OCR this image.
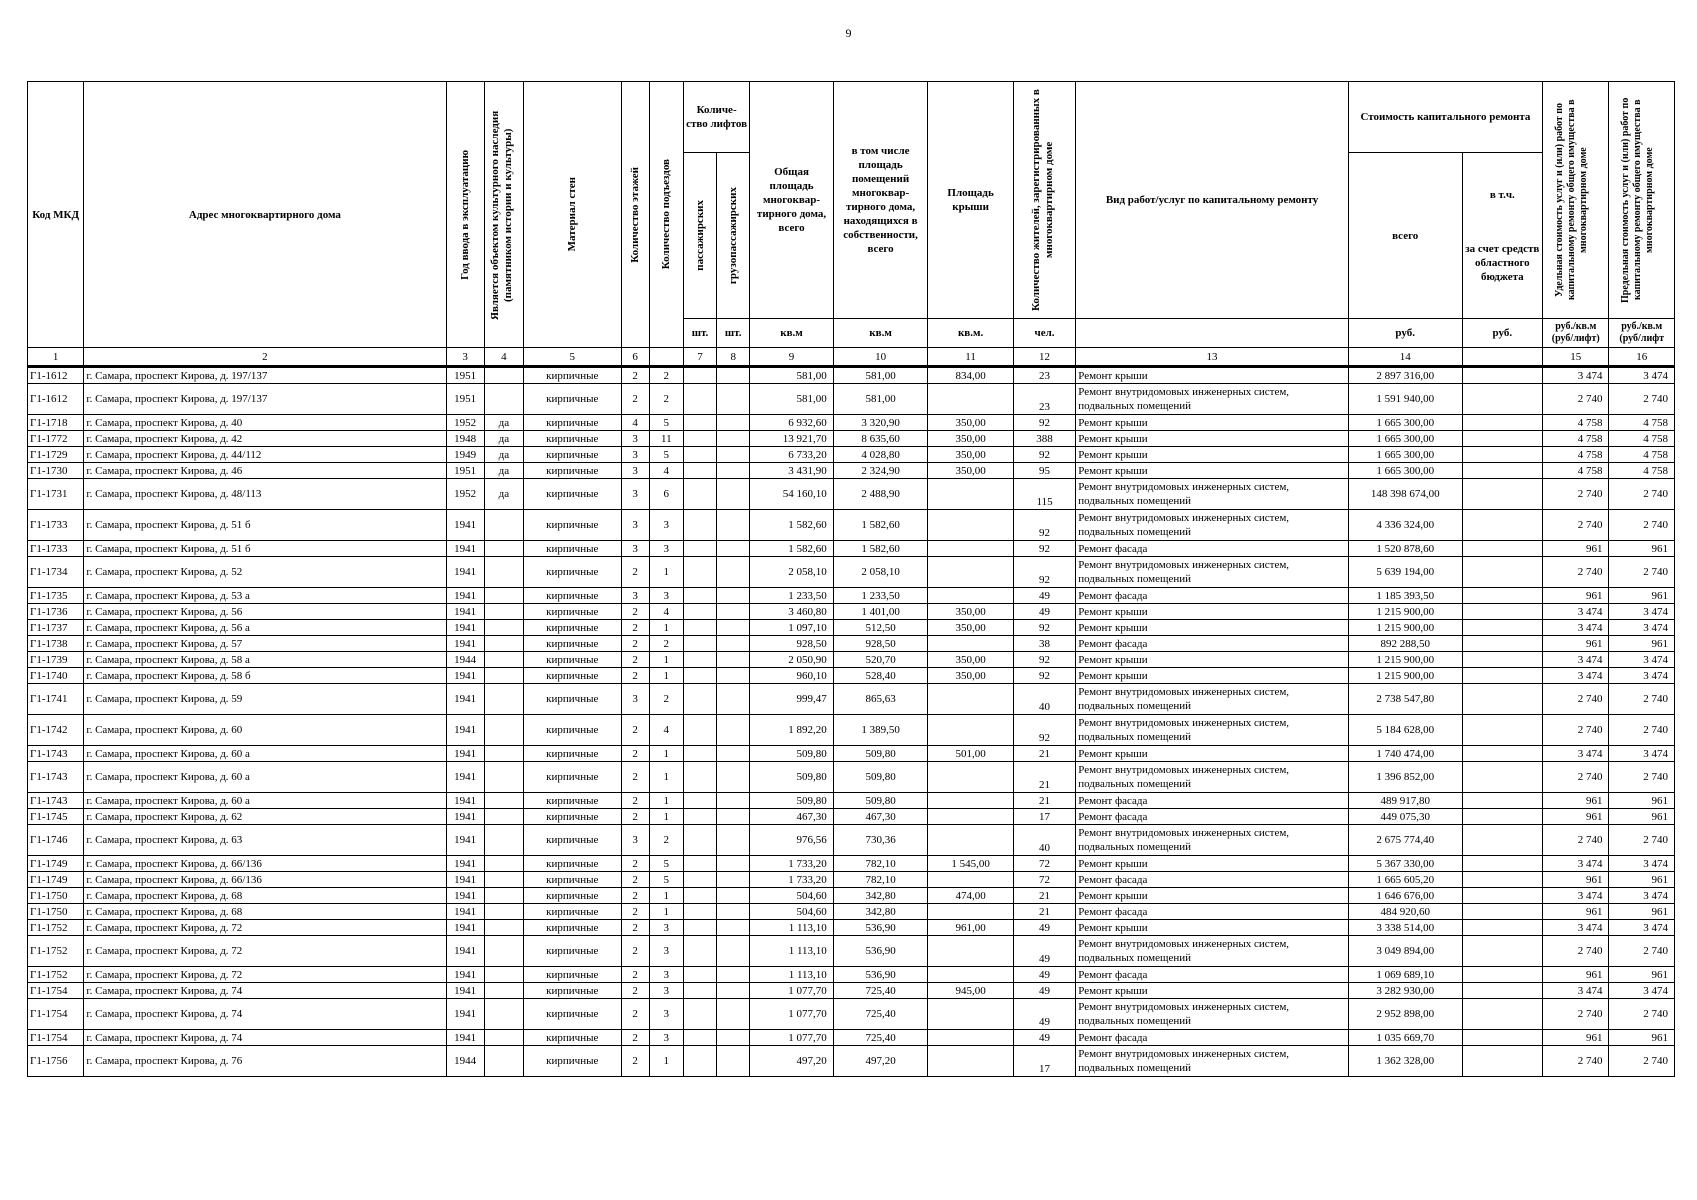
9
Код МКД	Адрес многоквартирного дома	Год ввода в эксплуатацию	Является объектом культурного наследия (памятником истории и культуры)	Материал стен	Количество этажей	Количество подъездов	Количе-ство лифтов		Общая площадь многоквар-тирного дома, всего	в том числе площадь помещений многоквар-тирного дома, находящихся в собственности, всего	Площадь крыши	Количество жителей, зарегистрированных в многоквартирном доме	Вид работ/услуг по капитальному ремонту	Стоимость капитального ремонта		Удельная стоимость услуг и (или) работ по капитальному ремонту общего имущества в многоквартирном доме	Предельная стоимость услуг и (или) работ по капитальному ремонту общего имущества в многоквартирном доме

							пассажирских	грузопассажирских						всего	в т.ч.
за счет средств областного бюджета		

							шт.	шт.	кв.м	кв.м	кв.м.	чел.		руб.	руб.	руб./кв.м (руб/лифт)	руб./кв.м (руб/лифт
1	2	3	4	5	6		7	8	9	10	11	12	13	14		15	16
Г1-1612	г. Самара, проспект Кирова, д. 197/137	1951		кирпичные	2	2			581,00	581,00	834,00	23	Ремонт крыши	2 897 316,00		3 474	3 474
Г1-1612	г. Самара, проспект Кирова, д. 197/137	1951		кирпичные	2	2			581,00	581,00		23	Ремонт внутридомовых инженерных систем, подвальных помещений	1 591 940,00		2 740	2 740
Г1-1718	г. Самара, проспект Кирова, д. 40	1952	да	кирпичные	4	5			6 932,60	3 320,90	350,00	92	Ремонт крыши	1 665 300,00		4 758	4 758
Г1-1772	г. Самара, проспект Кирова, д. 42	1948	да	кирпичные	3	11			13 921,70	8 635,60	350,00	388	Ремонт крыши	1 665 300,00		4 758	4 758
Г1-1729	г. Самара, проспект Кирова, д. 44/112	1949	да	кирпичные	3	5			6 733,20	4 028,80	350,00	92	Ремонт крыши	1 665 300,00		4 758	4 758
Г1-1730	г. Самара, проспект Кирова, д. 46	1951	да	кирпичные	3	4			3 431,90	2 324,90	350,00	95	Ремонт крыши	1 665 300,00		4 758	4 758
Г1-1731	г. Самара, проспект Кирова, д. 48/113	1952	да	кирпичные	3	6			54 160,10	2 488,90		115	Ремонт внутридомовых инженерных систем, подвальных помещений	148 398 674,00		2 740	2 740
Г1-1733	г. Самара, проспект Кирова, д. 51 б	1941		кирпичные	3	3			1 582,60	1 582,60		92	Ремонт внутридомовых инженерных систем, подвальных помещений	4 336 324,00		2 740	2 740
Г1-1733	г. Самара, проспект Кирова, д. 51 б	1941		кирпичные	3	3			1 582,60	1 582,60		92	Ремонт фасада	1 520 878,60		961	961
Г1-1734	г. Самара, проспект Кирова, д. 52	1941		кирпичные	2	1			2 058,10	2 058,10		92	Ремонт внутридомовых инженерных систем, подвальных помещений	5 639 194,00		2 740	2 740
Г1-1735	г. Самара, проспект Кирова, д. 53 а	1941		кирпичные	3	3			1 233,50	1 233,50		49	Ремонт фасада	1 185 393,50		961	961
Г1-1736	г. Самара, проспект Кирова, д. 56	1941		кирпичные	2	4			3 460,80	1 401,00	350,00	49	Ремонт крыши	1 215 900,00		3 474	3 474
Г1-1737	г. Самара, проспект Кирова, д. 56 а	1941		кирпичные	2	1			1 097,10	512,50	350,00	92	Ремонт крыши	1 215 900,00		3 474	3 474
Г1-1738	г. Самара, проспект Кирова, д. 57	1941		кирпичные	2	2			928,50	928,50		38	Ремонт фасада	892 288,50		961	961
Г1-1739	г. Самара, проспект Кирова, д. 58 а	1944		кирпичные	2	1			2 050,90	520,70	350,00	92	Ремонт крыши	1 215 900,00		3 474	3 474
Г1-1740	г. Самара, проспект Кирова, д. 58 б	1941		кирпичные	2	1			960,10	528,40	350,00	92	Ремонт крыши	1 215 900,00		3 474	3 474
Г1-1741	г. Самара, проспект Кирова, д. 59	1941		кирпичные	3	2			999,47	865,63		40	Ремонт внутридомовых инженерных систем, подвальных помещений	2 738 547,80		2 740	2 740
Г1-1742	г. Самара, проспект Кирова, д. 60	1941		кирпичные	2	4			1 892,20	1 389,50		92	Ремонт внутридомовых инженерных систем, подвальных помещений	5 184 628,00		2 740	2 740
Г1-1743	г. Самара, проспект Кирова, д. 60 а	1941		кирпичные	2	1			509,80	509,80	501,00	21	Ремонт крыши	1 740 474,00		3 474	3 474
Г1-1743	г. Самара, проспект Кирова, д. 60 а	1941		кирпичные	2	1			509,80	509,80		21	Ремонт внутридомовых инженерных систем, подвальных помещений	1 396 852,00		2 740	2 740
Г1-1743	г. Самара, проспект Кирова, д. 60 а	1941		кирпичные	2	1			509,80	509,80		21	Ремонт фасада	489 917,80		961	961
Г1-1745	г. Самара, проспект Кирова, д. 62	1941		кирпичные	2	1			467,30	467,30		17	Ремонт фасада	449 075,30		961	961
Г1-1746	г. Самара, проспект Кирова, д. 63	1941		кирпичные	3	2			976,56	730,36		40	Ремонт внутридомовых инженерных систем, подвальных помещений	2 675 774,40		2 740	2 740
Г1-1749	г. Самара, проспект Кирова, д. 66/136	1941		кирпичные	2	5			1 733,20	782,10	1 545,00	72	Ремонт крыши	5 367 330,00		3 474	3 474
Г1-1749	г. Самара, проспект Кирова, д. 66/136	1941		кирпичные	2	5			1 733,20	782,10		72	Ремонт фасада	1 665 605,20		961	961
Г1-1750	г. Самара, проспект Кирова, д. 68	1941		кирпичные	2	1			504,60	342,80	474,00	21	Ремонт крыши	1 646 676,00		3 474	3 474
Г1-1750	г. Самара, проспект Кирова, д. 68	1941		кирпичные	2	1			504,60	342,80		21	Ремонт фасада	484 920,60		961	961
Г1-1752	г. Самара, проспект Кирова, д. 72	1941		кирпичные	2	3			1 113,10	536,90	961,00	49	Ремонт крыши	3 338 514,00		3 474	3 474
Г1-1752	г. Самара, проспект Кирова, д. 72	1941		кирпичные	2	3			1 113,10	536,90		49	Ремонт внутридомовых инженерных систем, подвальных помещений	3 049 894,00		2 740	2 740
Г1-1752	г. Самара, проспект Кирова, д. 72	1941		кирпичные	2	3			1 113,10	536,90		49	Ремонт фасада	1 069 689,10		961	961
Г1-1754	г. Самара, проспект Кирова, д. 74	1941		кирпичные	2	3			1 077,70	725,40	945,00	49	Ремонт крыши	3 282 930,00		3 474	3 474
Г1-1754	г. Самара, проспект Кирова, д. 74	1941		кирпичные	2	3			1 077,70	725,40		49	Ремонт внутридомовых инженерных систем, подвальных помещений	2 952 898,00		2 740	2 740
Г1-1754	г. Самара, проспект Кирова, д. 74	1941		кирпичные	2	3			1 077,70	725,40		49	Ремонт фасада	1 035 669,70		961	961
Г1-1756	г. Самара, проспект Кирова, д. 76	1944		кирпичные	2	1			497,20	497,20		17	Ремонт внутридомовых инженерных систем, подвальных помещений	1 362 328,00		2 740	2 740
